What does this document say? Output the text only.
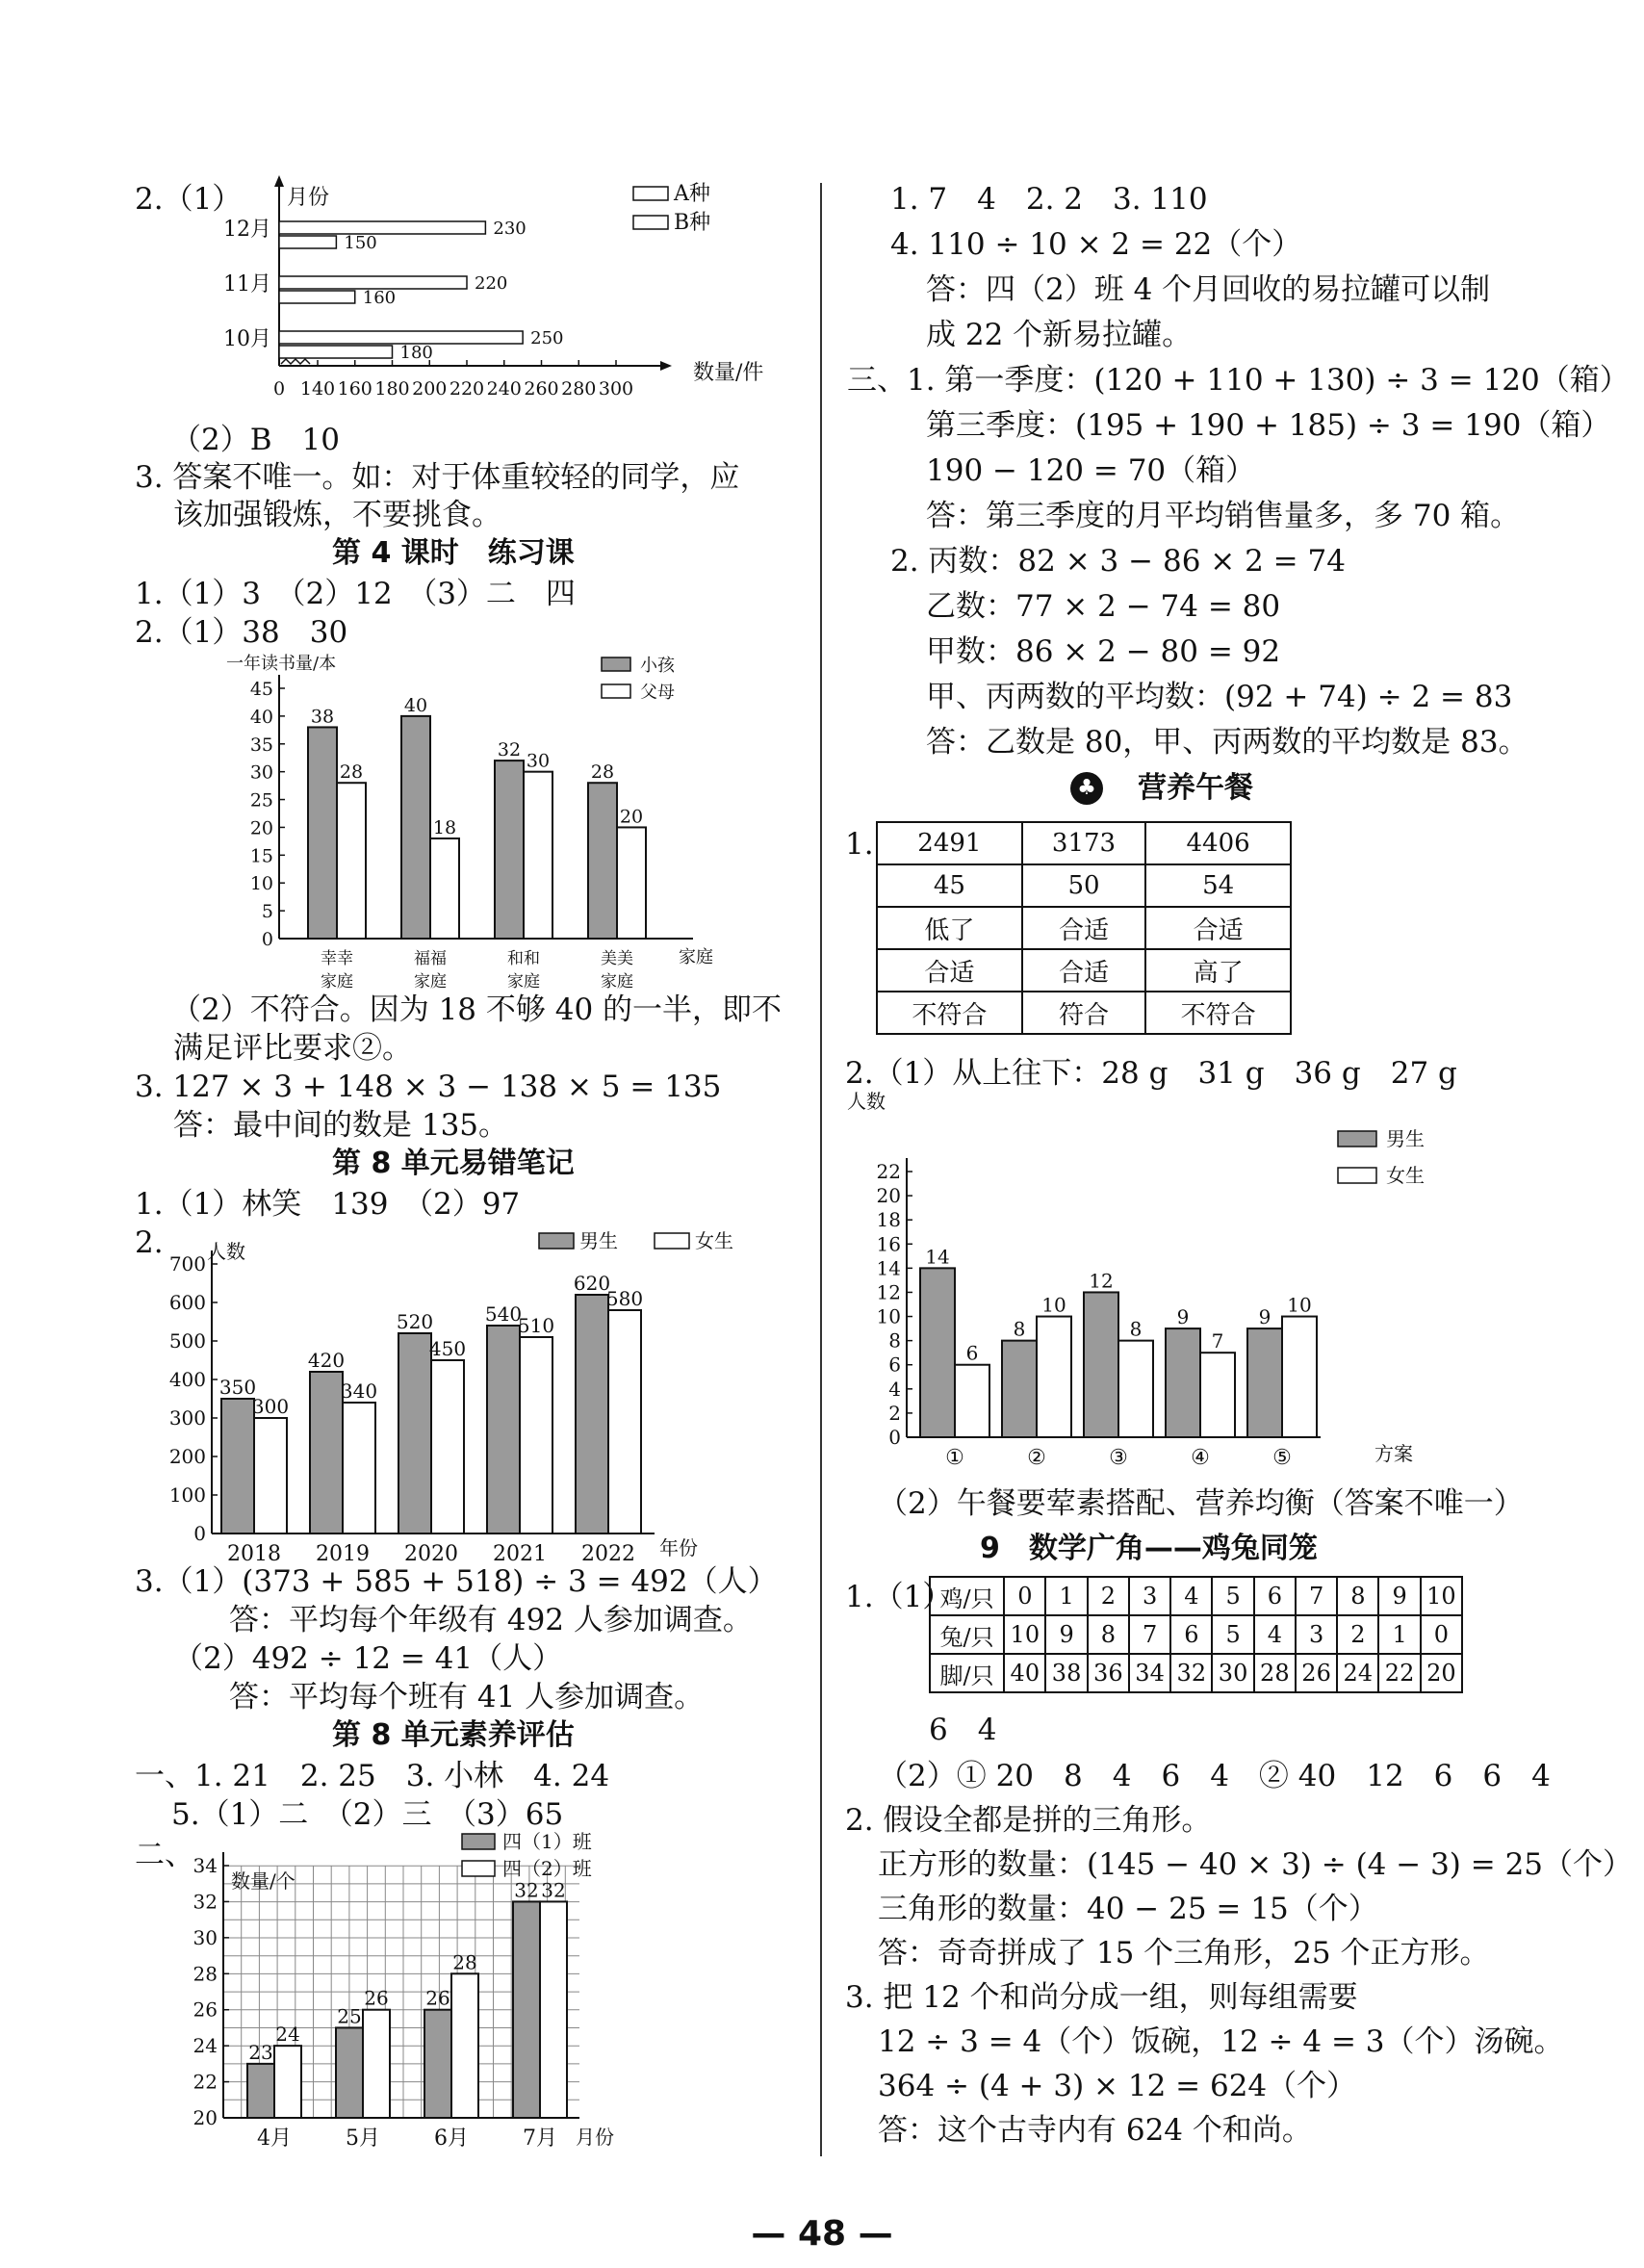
2.（1）
0 140 160 180 200 220 240 260 280 300
月份
数量/件
A种
B种
12月	230
150
11月	220
160
10月	250
180
（2）B　10
3. 答案不唯一。如：对于体重较轻的同学，应
该加强锻炼，不要挑食。
第 4 课时　练习课
1.（1）3　（2）12　（3）二　四
2.（1）38　30
0
5
10
15
20
25
30
35
40
45
38
28
幸幸
家庭
40
18
福福
家庭
32
30
和和
家庭
28
20
美美
家庭
一年读书量/本
家庭
小孩
父母
（2）不符合。因为 18 不够 40 的一半，即不
满足评比要求②。
3. 127 × 3 + 148 × 3 − 138 × 5 = 135
答：最中间的数是 135。
第 8 单元易错笔记
1.（1）林笑　139　（2）97
2.
0
100
200
300
400
500
600
700
350
300
2018
420
340
2019
520
450
2020
540
510
2021
620
580
2022
人数
年份
男生	女生
3.（1）(373 + 585 + 518) ÷ 3 = 492（人）
答：平均每个年级有 492 人参加调查。
（2）492 ÷ 12 = 41（人）
答：平均每个班有 41 人参加调查。
第 8 单元素养评估
一、1. 21　2. 25　3. 小林　4. 24
5.（1）二　（2）三　（3）65
二、
20
22
24
26
28
30
32
34
23
24
4月
25
26
5月
26
28
6月
32 32
7月
数量/个
月份
四（1）班
四（2）班
1. 7　4　2. 2　3. 110
4. 110 ÷ 10 × 2 = 22（个）
答：四（2）班 4 个月回收的易拉罐可以制
成 22 个新易拉罐。
三、1. 第一季度：(120 + 110 + 130) ÷ 3 = 120（箱）
第三季度：(195 + 190 + 185) ÷ 3 = 190（箱）
190 − 120 = 70（箱）
答：第三季度的月平均销售量多，多 70 箱。
2. 丙数：82 × 3 − 86 × 2 = 74
乙数：77 × 2 − 74 = 80
甲数：86 × 2 − 80 = 92
甲、丙两数的平均数：(92 + 74) ÷ 2 = 83
答：乙数是 80，甲、丙两数的平均数是 83。
♣ 营养午餐
1. 2491	3173	4406
45	50	54
低了	合适	合适
合适	合适	高了
不符合	符合	不符合
2.（1）从上往下：28 g　31 g　36 g　27 g
0
2
4
6
8
10
12
14
16
18
20
22
14
6
①
8
10
②
12
8
③
9
7
④
9
10
⑤
人数
方案
男生
女生
（2）午餐要荤素搭配、营养均衡（答案不唯一）
9　数学广角——鸡兔同笼
1.（1）
鸡/只	0	1	2	3	4	5	6	7	8	9	10
兔/只	10	9	8	7	6	5	4	3	2	1	0
脚/只	40	38	36	34	32	30	28	26	24	22	20
6　4
（2）① 20　8　4　6　4　② 40　12　6　6　4
2. 假设全都是拼的三角形。
正方形的数量：(145 − 40 × 3) ÷ (4 − 3) = 25（个）
三角形的数量：40 − 25 = 15（个）
答：奇奇拼成了 15 个三角形，25 个正方形。
3. 把 12 个和尚分成一组，则每组需要
12 ÷ 3 = 4（个）饭碗，12 ÷ 4 = 3（个）汤碗。
364 ÷ (4 + 3) × 12 = 624（个）
答：这个古寺内有 624 个和尚。
— 48 —
